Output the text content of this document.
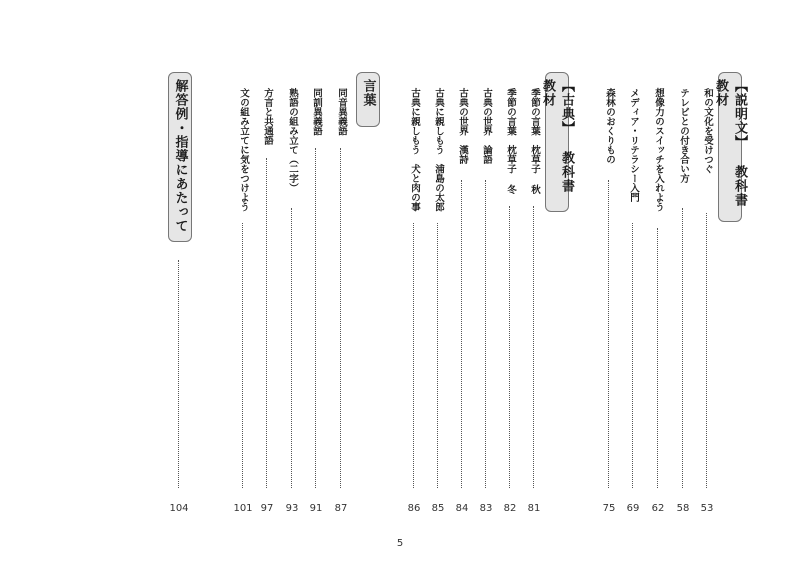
【説明文】 教科書教材
和の文化を受けつぐ
53
テレビとの付き合い方
58
想像力のスイッチを入れよう
62
メディア・リテラシー入門
69
森林のおくりもの
75
【古典】 教科書教材
季節の言葉　枕草子 秋
81
季節の言葉　枕草子 冬
82
古典の世界　論語
83
古典の世界　漢詩
84
古典に親しもう　浦島の太郎
85
古典に親しもう　犬と肉の事
86
言葉
同音異義語
87
同訓異義語
91
熟語の組み立て（二字）
93
方言と共通語
97
文の組み立てに気をつけよう
101
解答例・指導にあたって
104
5
